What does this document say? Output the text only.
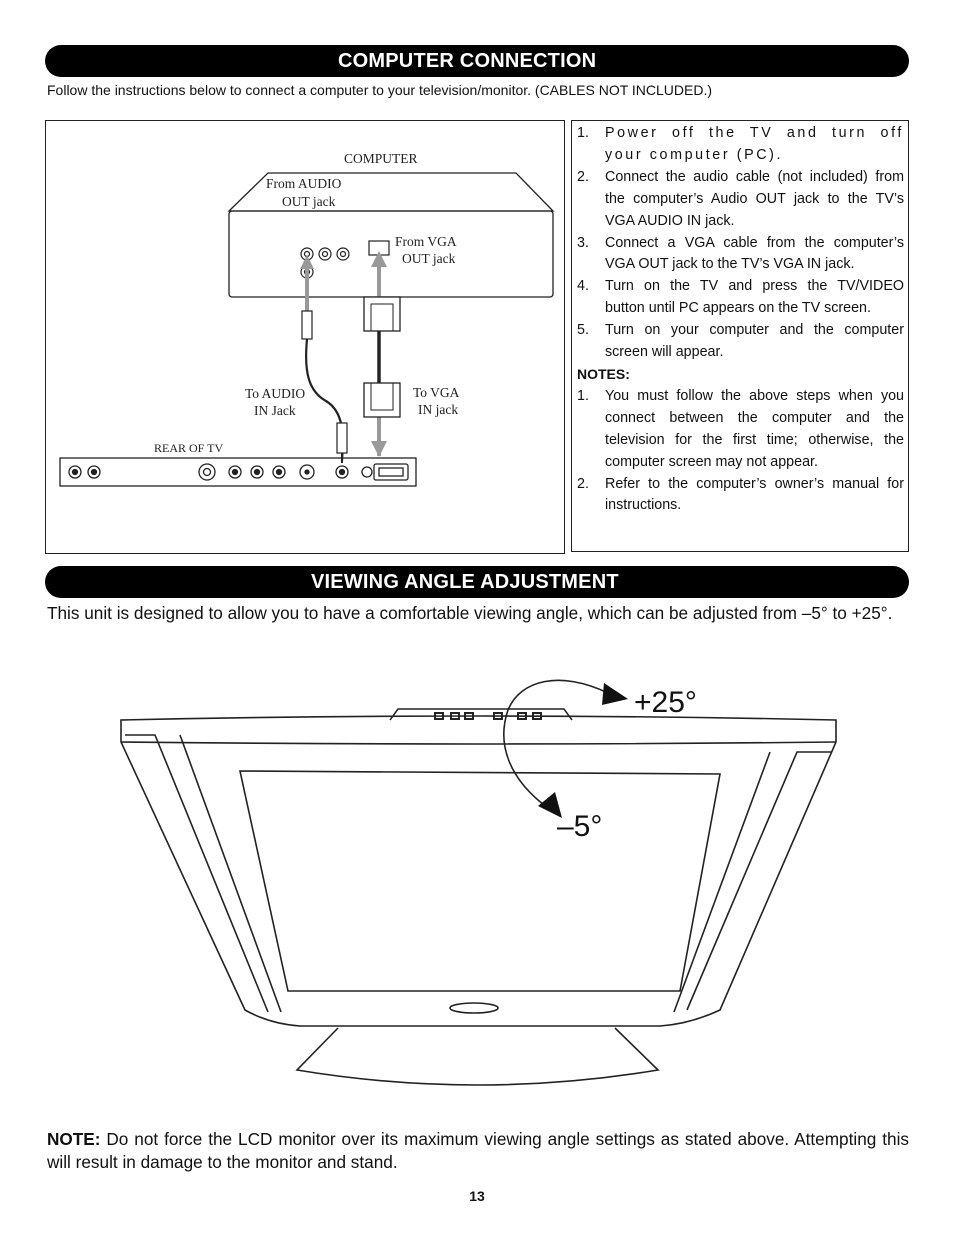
COMPUTER CONNECTION
Follow the instructions below to connect a computer to your television/monitor. (CABLES NOT INCLUDED.)
COMPUTER
From AUDIO
OUT jack
From VGA
OUT jack
To AUDIO
IN Jack
To VGA
IN jack
REAR OF TV
1.	Power off the TV and turn off your computer (PC).
2.	Connect the audio cable (not included) from the computer’s Audio OUT jack to the TV’s VGA AUDIO IN jack.
3.	Connect a VGA cable from the computer’s VGA OUT jack to the TV’s VGA IN jack.
4.	Turn on the TV and press the TV/VIDEO button until PC appears on the TV screen.
5.	Turn on your computer and the computer screen will appear.
NOTES:
1.	You must follow the above steps when you connect between the computer and the television for the first time; otherwise, the computer screen may not appear.
2.	Refer to the computer’s owner’s manual for instructions.
VIEWING ANGLE ADJUSTMENT
This unit is designed to allow you to have a comfortable viewing angle, which can be adjusted from –5° to +25°.
+25°
–5°
NOTE: Do not force the LCD monitor over its maximum viewing angle settings as stated above. Attempting this will result in damage to the monitor and stand.
13
